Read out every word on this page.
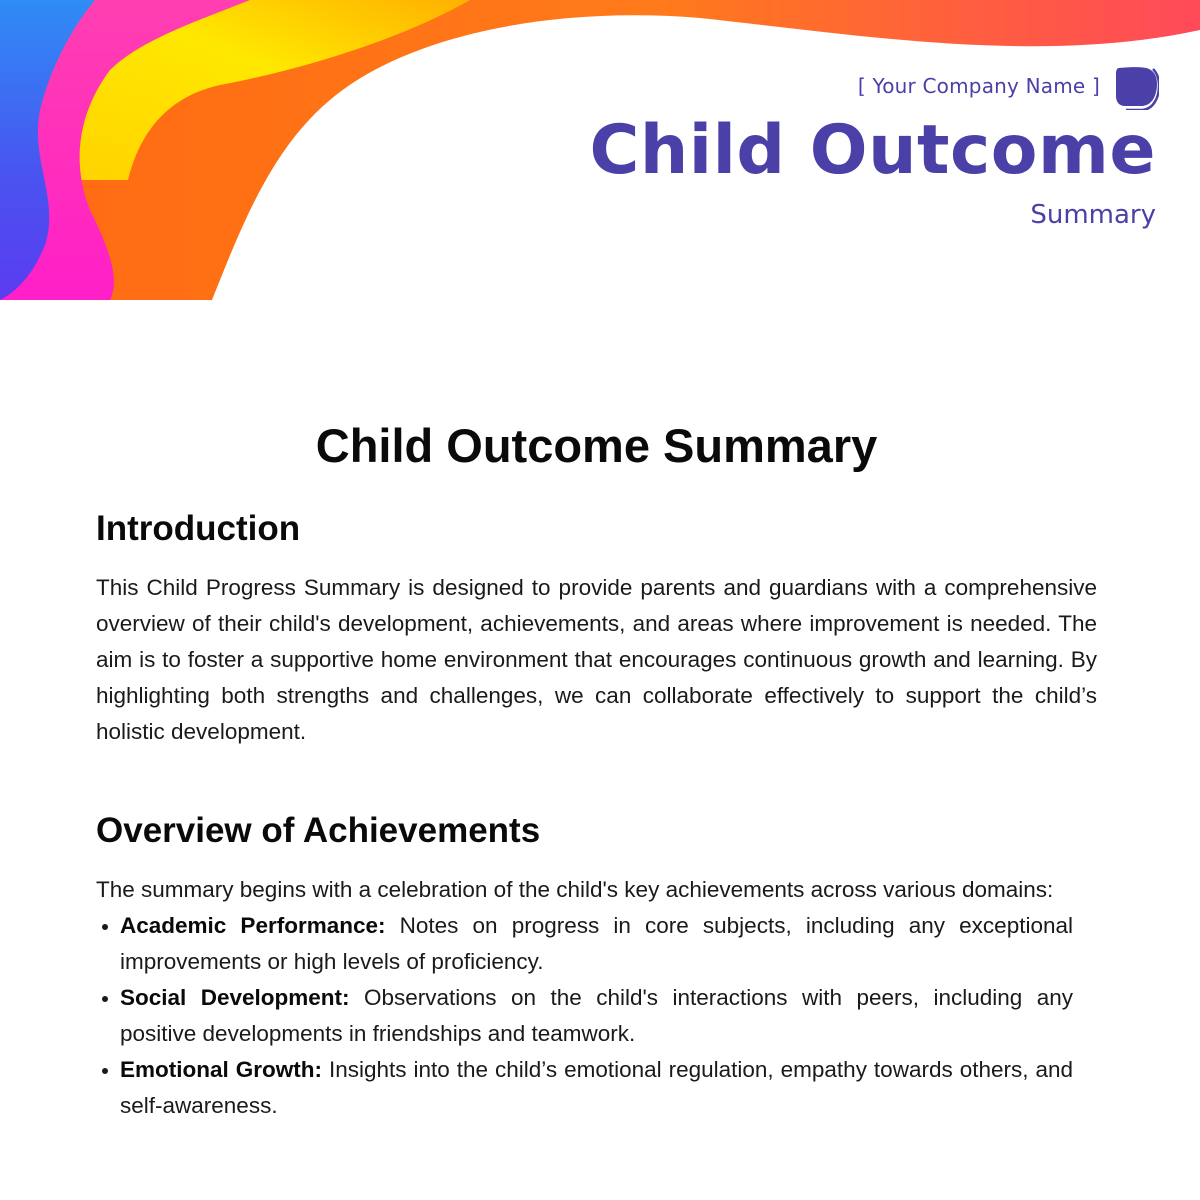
[ Your Company Name ]
Child Outcome
Summary
Child Outcome Summary
Introduction

This Child Progress Summary is designed to provide parents and guardians with a comprehensive overview of their child's development, achievements, and areas where improvement is needed. The aim is to foster a supportive home environment that encourages continuous growth and learning. By highlighting both strengths and challenges, we can collaborate effectively to support the child’s holistic development.

Overview of Achievements

The summary begins with a celebration of the child's key achievements across various domains:

Academic Performance: Notes on progress in core subjects, including any exceptional improvements or high levels of proficiency.
Social Development: Observations on the child's interactions with peers, including any positive developments in friendships and teamwork.
Emotional Growth: Insights into the child’s emotional regulation, empathy towards others, and self-awareness.
